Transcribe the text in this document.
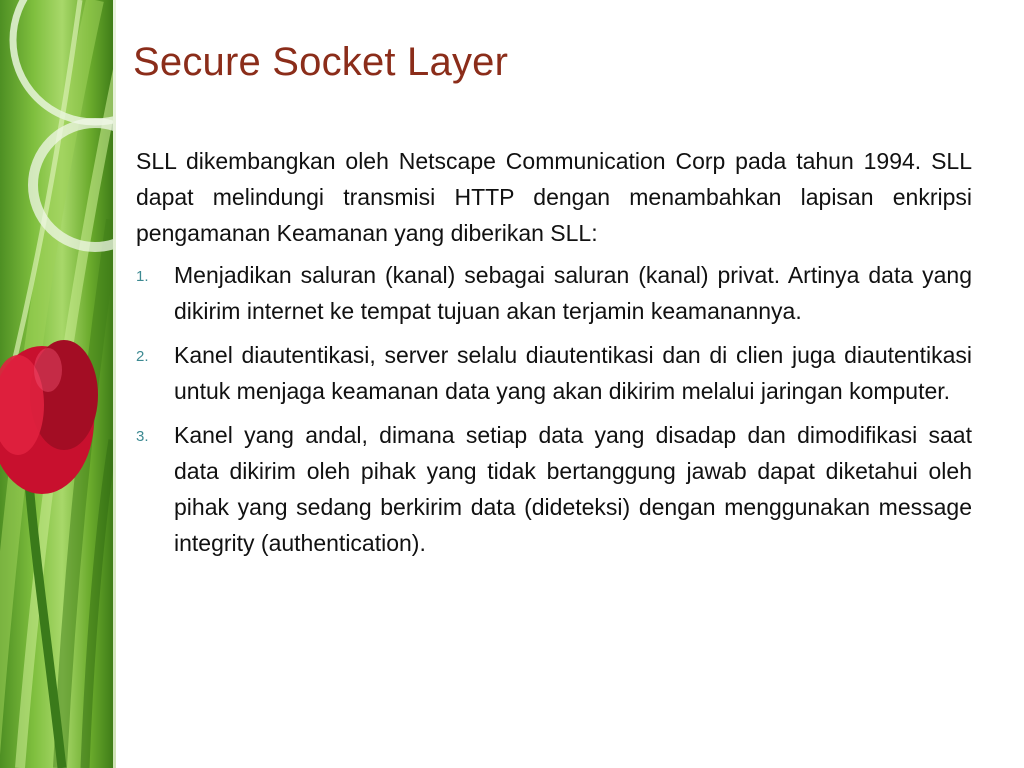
Secure Socket Layer

SLL dikembangkan oleh Netscape Communication Corp pada tahun 1994. SLL dapat melindungi transmisi HTTP dengan menambahkan lapisan enkripsi pengamanan Keamanan yang diberikan SLL:

1. Menjadikan saluran (kanal) sebagai saluran (kanal) privat. Artinya data yang dikirim internet ke tempat tujuan akan terjamin keamanannya.
2. Kanel diautentikasi, server selalu diautentikasi dan di clien juga diautentikasi untuk menjaga keamanan data yang akan dikirim melalui jaringan komputer.
3. Kanel yang andal, dimana setiap data yang disadap dan dimodifikasi saat data dikirim oleh pihak yang tidak bertanggung jawab dapat diketahui oleh pihak yang sedang berkirim data (dideteksi) dengan menggunakan message integrity (authentication).
